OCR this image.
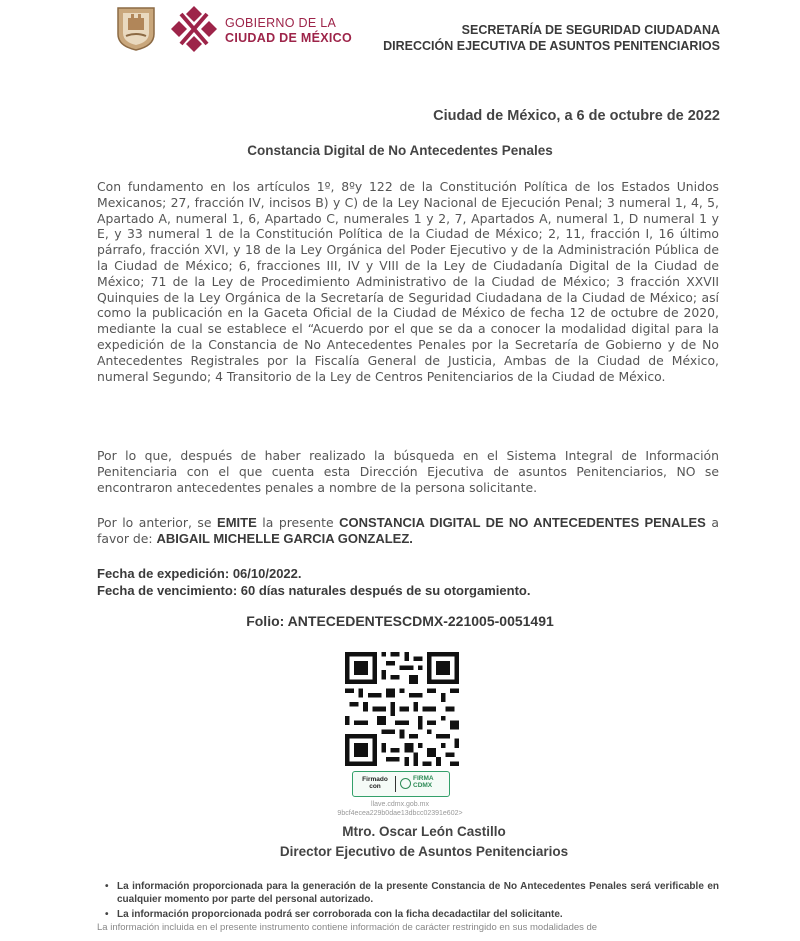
GOBIERNO DE LA
CIUDAD DE MÉXICO
SECRETARÍA DE SEGURIDAD CIUDADANA
DIRECCIÓN EJECUTIVA DE ASUNTOS PENITENCIARIOS
Ciudad de México, a 6 de octubre de 2022
Constancia Digital de No Antecedentes Penales
Con fundamento en los artículos 1º, 8ºy 122 de la Constitución Política de los Estados Unidos Mexicanos; 27, fracción IV, incisos B) y C) de la Ley Nacional de Ejecución Penal; 3 numeral 1, 4, 5, Apartado A, numeral 1, 6, Apartado C, numerales 1 y 2, 7, Apartados A, numeral 1, D numeral 1 y E, y 33 numeral 1 de la Constitución Política de la Ciudad de México; 2, 11, fracción I, 16 último párrafo, fracción XVI, y 18 de la Ley Orgánica del Poder Ejecutivo y de la Administración Pública de la Ciudad de México; 6, fracciones III, IV y VIII de la Ley de Ciudadanía Digital de la Ciudad de México; 71 de la Ley de Procedimiento Administrativo de la Ciudad de México; 3 fracción XXVII Quinquies de la Ley Orgánica de la Secretaría de Seguridad Ciudadana de la Ciudad de México; así como la publicación en la Gaceta Oficial de la Ciudad de México de fecha 12 de octubre de 2020, mediante la cual se establece el “Acuerdo por el que se da a conocer la modalidad digital para la expedición de la Constancia de No Antecedentes Penales por la Secretaría de Gobierno y de No Antecedentes Registrales por la Fiscalía General de Justicia, Ambas de la Ciudad de México, numeral Segundo; 4 Transitorio de la Ley de Centros Penitenciarios de la Ciudad de México.
Por lo que, después de haber realizado la búsqueda en el Sistema Integral de Información Penitenciaria con el que cuenta esta Dirección Ejecutiva de asuntos Penitenciarios, NO se encontraron antecedentes penales a nombre de la persona solicitante.
Por lo anterior, se EMITE la presente CONSTANCIA DIGITAL DE NO ANTECEDENTES PENALES a favor de: ABIGAIL MICHELLE GARCIA GONZALEZ.
Fecha de expedición: 06/10/2022.
Fecha de vencimiento: 60 días naturales después de su otorgamiento.
Folio: ANTECEDENTESCDMX-221005-0051491
Firmado con
FIRMA
CDMX
llave.cdmx.gob.mx
9bcf4ecea229b0dae13dbcc02391e602>
Mtro. Oscar León Castillo
Director Ejecutivo de Asuntos Penitenciarios
• La información proporcionada para la generación de la presente Constancia de No Antecedentes Penales será verificable en cualquier momento por parte del personal autorizado.
• La información proporcionada podrá ser corroborada con la ficha decadactilar del solicitante.
La información incluida en el presente instrumento contiene información de carácter restringido en sus modalidades de
